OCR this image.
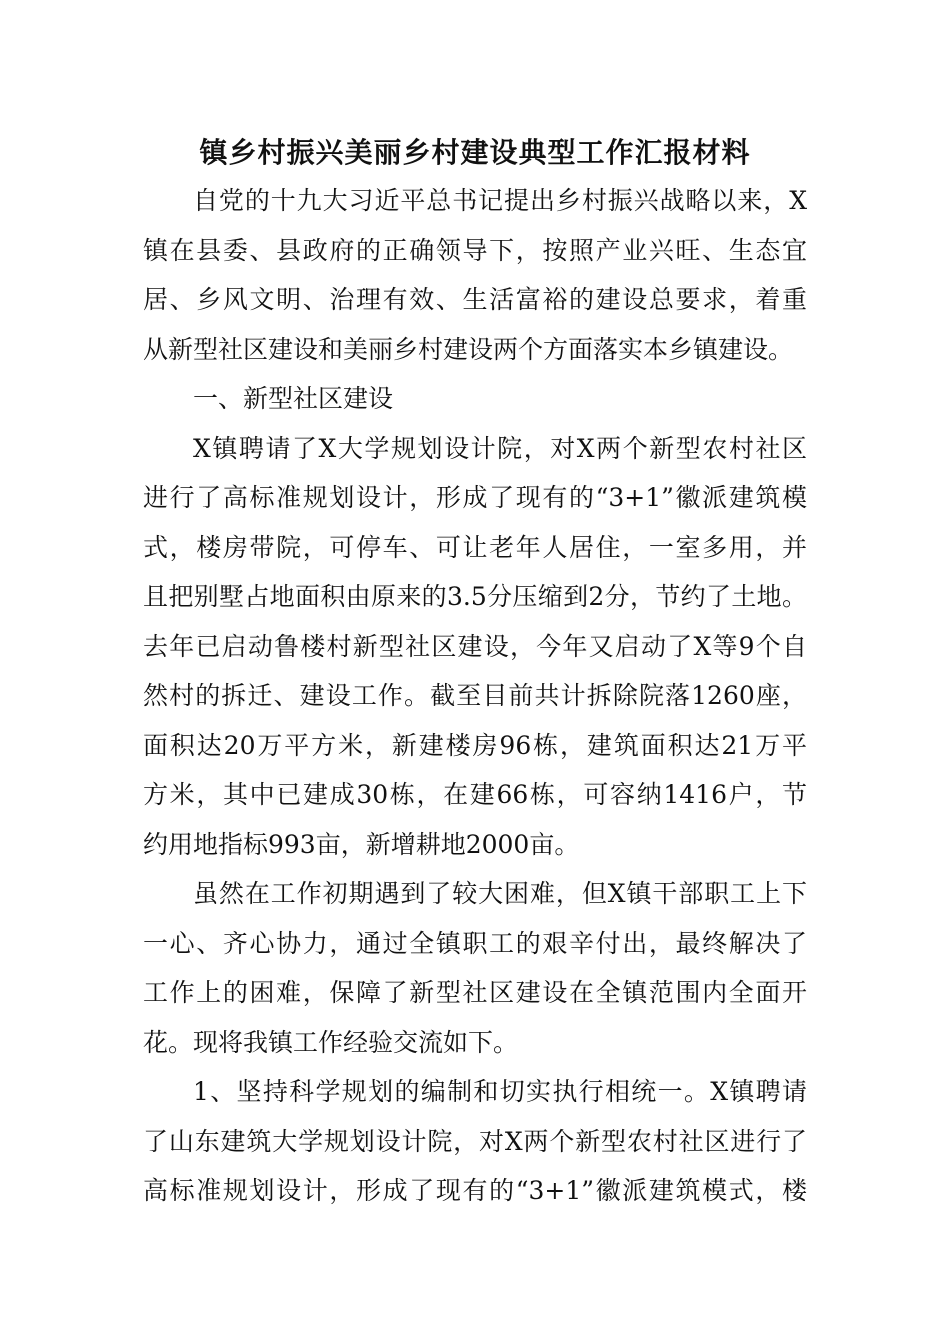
镇乡村振兴美丽乡村建设典型工作汇报材料
自党的十九大习近平总书记提出乡村振兴战略以来，X
镇在县委、县政府的正确领导下，按照产业兴旺、生态宜
居、乡风文明、治理有效、生活富裕的建设总要求，着重
从新型社区建设和美丽乡村建设两个方面落实本乡镇建设。
一、新型社区建设
X镇聘请了X大学规划设计院，对X两个新型农村社区
进行了高标准规划设计，形成了现有的“3+1”徽派建筑模
式，楼房带院，可停车、可让老年人居住，一室多用，并
且把别墅占地面积由原来的3.5分压缩到2分，节约了土地。
去年已启动鲁楼村新型社区建设，今年又启动了X等9个自
然村的拆迁、建设工作。截至目前共计拆除院落1260座，
面积达20万平方米，新建楼房96栋，建筑面积达21万平
方米，其中已建成30栋，在建66栋，可容纳1416户，节
约用地指标993亩，新增耕地2000亩。
虽然在工作初期遇到了较大困难，但X镇干部职工上下
一心、齐心协力，通过全镇职工的艰辛付出，最终解决了
工作上的困难，保障了新型社区建设在全镇范围内全面开
花。现将我镇工作经验交流如下。
1、坚持科学规划的编制和切实执行相统一。X镇聘请
了山东建筑大学规划设计院，对X两个新型农村社区进行了
高标准规划设计，形成了现有的“3+1”徽派建筑模式，楼
